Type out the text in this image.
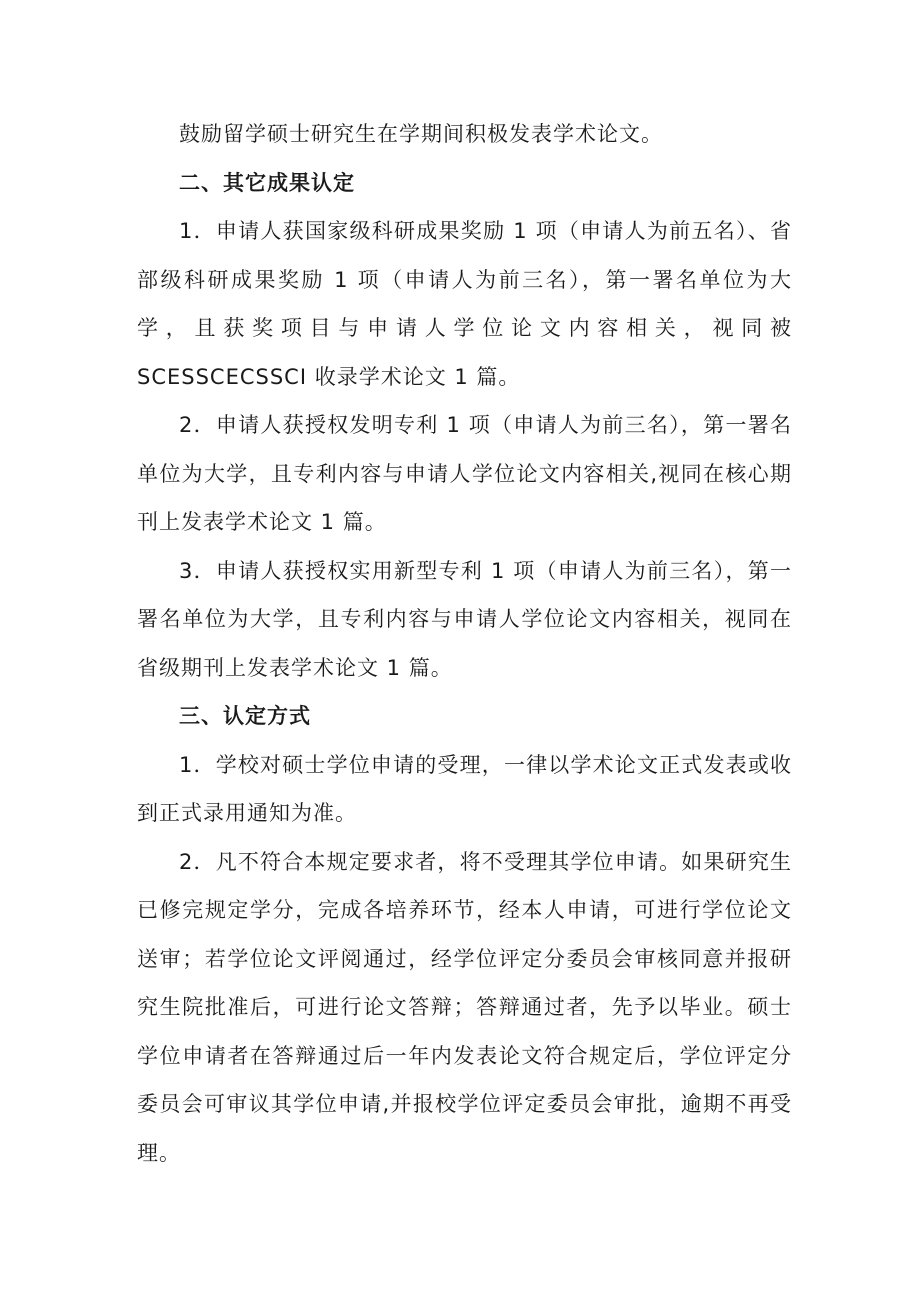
鼓励留学硕士研究生在学期间积极发表学术论文。

二、其它成果认定

1．申请人获国家级科研成果奖励 1 项（申请人为前五名）、省部级科研成果奖励 1 项（申请人为前三名），第一署名单位为大学，且获奖项目与申请人学位论文内容相关，视同被SCESSCECSSCI 收录学术论文 1 篇。

2．申请人获授权发明专利 1 项（申请人为前三名），第一署名单位为大学，且专利内容与申请人学位论文内容相关,视同在核心期刊上发表学术论文 1 篇。

3．申请人获授权实用新型专利 1 项（申请人为前三名），第一署名单位为大学，且专利内容与申请人学位论文内容相关，视同在省级期刊上发表学术论文 1 篇。

三、认定方式

1．学校对硕士学位申请的受理，一律以学术论文正式发表或收到正式录用通知为准。

2．凡不符合本规定要求者，将不受理其学位申请。如果研究生已修完规定学分，完成各培养环节，经本人申请，可进行学位论文送审；若学位论文评阅通过，经学位评定分委员会审核同意并报研究生院批准后，可进行论文答辩；答辩通过者，先予以毕业。硕士学位申请者在答辩通过后一年内发表论文符合规定后，学位评定分委员会可审议其学位申请,并报校学位评定委员会审批，逾期不再受理。
